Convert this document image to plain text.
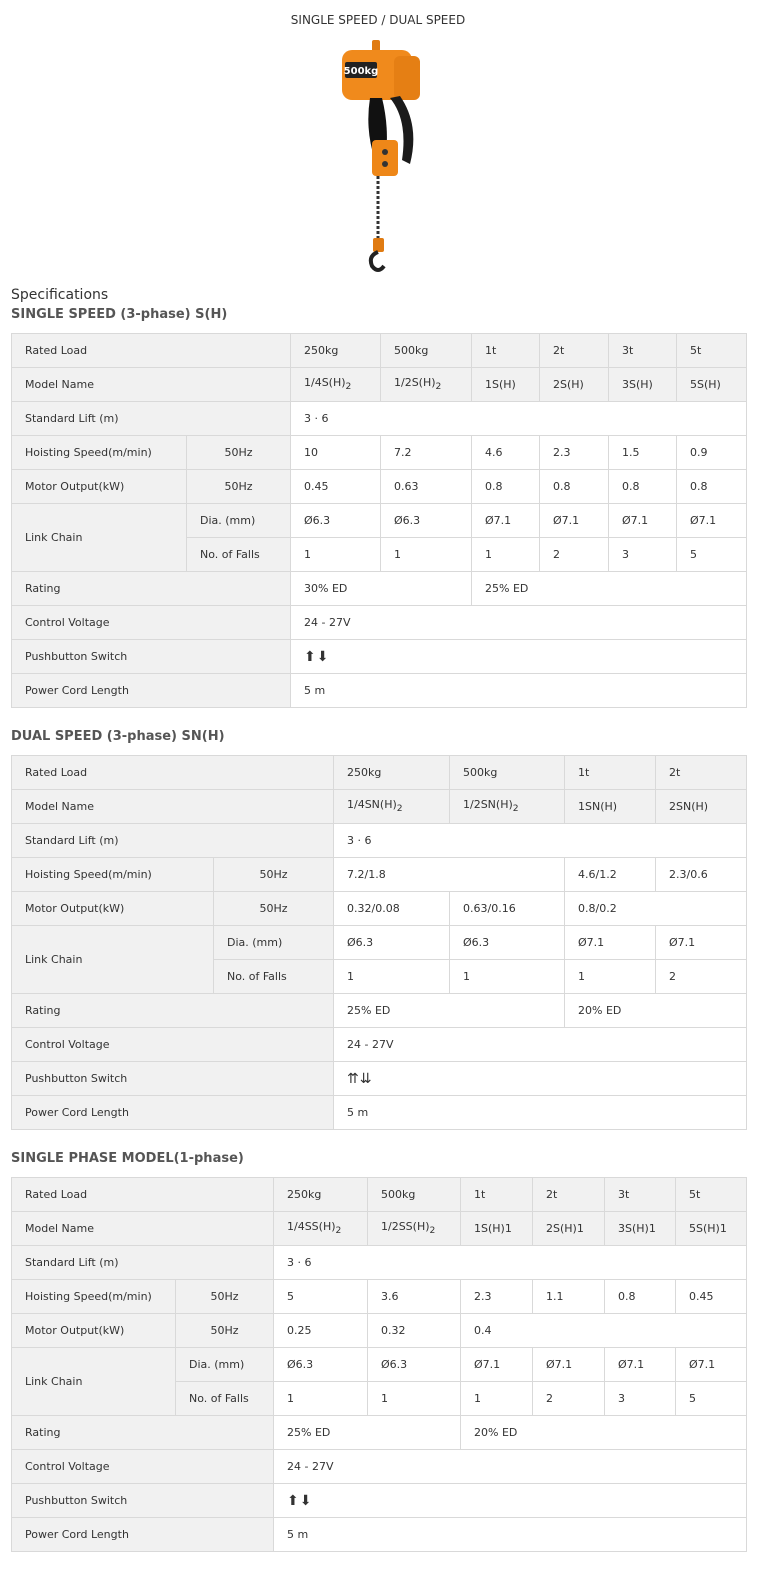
SINGLE SPEED / DUAL SPEED
500kg
Specifications
SINGLE SPEED (3-phase) S(H)
Rated Load		250kg	500kg	1t	2t	3t	5t
Model Name		$1/4S(H)_2$	$1/2S(H)_2$	1S(H)	2S(H)	3S(H)	5S(H)
Standard Lift (m)		3 · 6					
Hoisting Speed(m/min)	50Hz	10	7.2	4.6	2.3	1.5	0.9
Motor Output(kW)	50Hz	0.45	0.63	0.8	0.8	0.8	0.8
Link Chain	Dia. (mm)	Ø6.3	Ø6.3	Ø7.1	Ø7.1	Ø7.1	Ø7.1
	No. of Falls	1	1	1	2	3	5
Rating		30% ED		25% ED			
Control Voltage		24 - 27V					
Pushbutton Switch		⬆︎⬇︎					
Power Cord Length		5 m					
DUAL SPEED (3-phase) SN(H)
Rated Load		250kg	500kg	1t	2t
Model Name		$1/4SN(H)_2$	$1/2SN(H)_2$	1SN(H)	2SN(H)
Standard Lift (m)		3 · 6			
Hoisting Speed(m/min)	50Hz	7.2/1.8		4.6/1.2	2.3/0.6
Motor Output(kW)	50Hz	0.32/0.08	0.63/0.16	0.8/0.2	
Link Chain	Dia. (mm)	Ø6.3	Ø6.3	Ø7.1	Ø7.1
	No. of Falls	1	1	1	2
Rating		25% ED		20% ED	
Control Voltage		24 - 27V			
Pushbutton Switch		⇈⇊			
Power Cord Length		5 m			
SINGLE PHASE MODEL(1-phase)
Rated Load		250kg	500kg	1t	2t	3t	5t
Model Name		$1/4SS(H)_2$	$1/2SS(H)_2$	1S(H)1	2S(H)1	3S(H)1	5S(H)1
Standard Lift (m)		3 · 6					
Hoisting Speed(m/min)	50Hz	5	3.6	2.3	1.1	0.8	0.45
Motor Output(kW)	50Hz	0.25	0.32	0.4			
Link Chain	Dia. (mm)	Ø6.3	Ø6.3	Ø7.1	Ø7.1	Ø7.1	Ø7.1
	No. of Falls	1	1	1	2	3	5
Rating		25% ED		20% ED			
Control Voltage		24 - 27V					
Pushbutton Switch		⬆︎⬇︎					
Power Cord Length		5 m					
